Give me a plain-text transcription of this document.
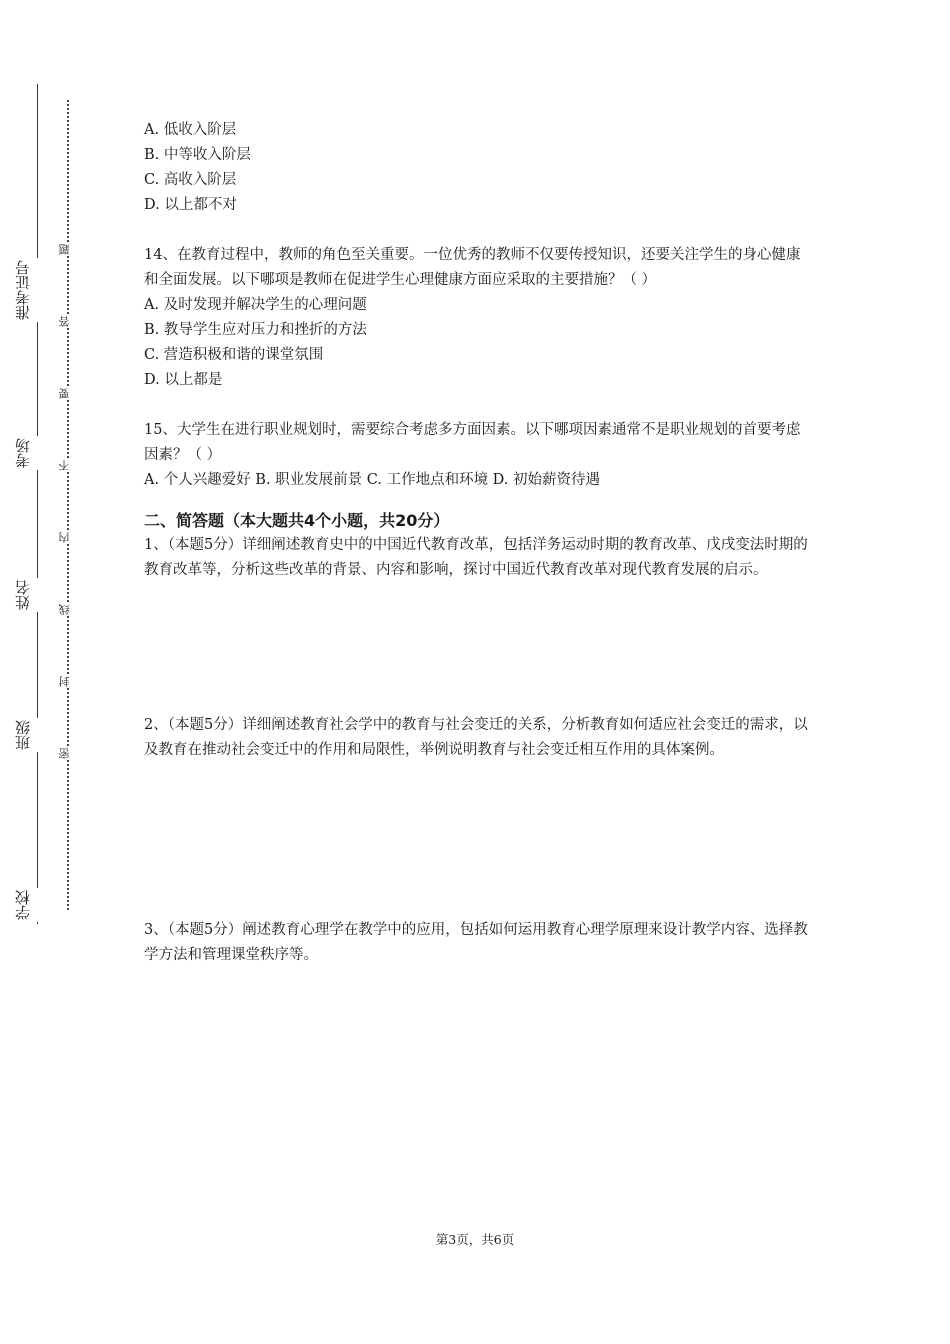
准考证号
考场
姓名
班级
学校
题
答
要
不
内
线
封
密
A. 低收入阶层
B. 中等收入阶层
C. 高收入阶层
D. 以上都不对
14、在教育过程中，教师的角色至关重要。一位优秀的教师不仅要传授知识，还要关注学生的身心健康和全面发展。以下哪项是教师在促进学生心理健康方面应采取的主要措施？（ ）
A. 及时发现并解决学生的心理问题
B. 教导学生应对压力和挫折的方法
C. 营造积极和谐的课堂氛围
D. 以上都是
15、大学生在进行职业规划时，需要综合考虑多方面因素。以下哪项因素通常不是职业规划的首要考虑因素？（ ）
A. 个人兴趣爱好 B. 职业发展前景 C. 工作地点和环境 D. 初始薪资待遇
二、简答题（本大题共4个小题，共20分）
1、（本题5分）详细阐述教育史中的中国近代教育改革，包括洋务运动时期的教育改革、戊戌变法时期的教育改革等，分析这些改革的背景、内容和影响，探讨中国近代教育改革对现代教育发展的启示。
2、（本题5分）详细阐述教育社会学中的教育与社会变迁的关系，分析教育如何适应社会变迁的需求，以及教育在推动社会变迁中的作用和局限性，举例说明教育与社会变迁相互作用的具体案例。
3、（本题5分）阐述教育心理学在教学中的应用，包括如何运用教育心理学原理来设计教学内容、选择教学方法和管理课堂秩序等。
第3页，共6页
